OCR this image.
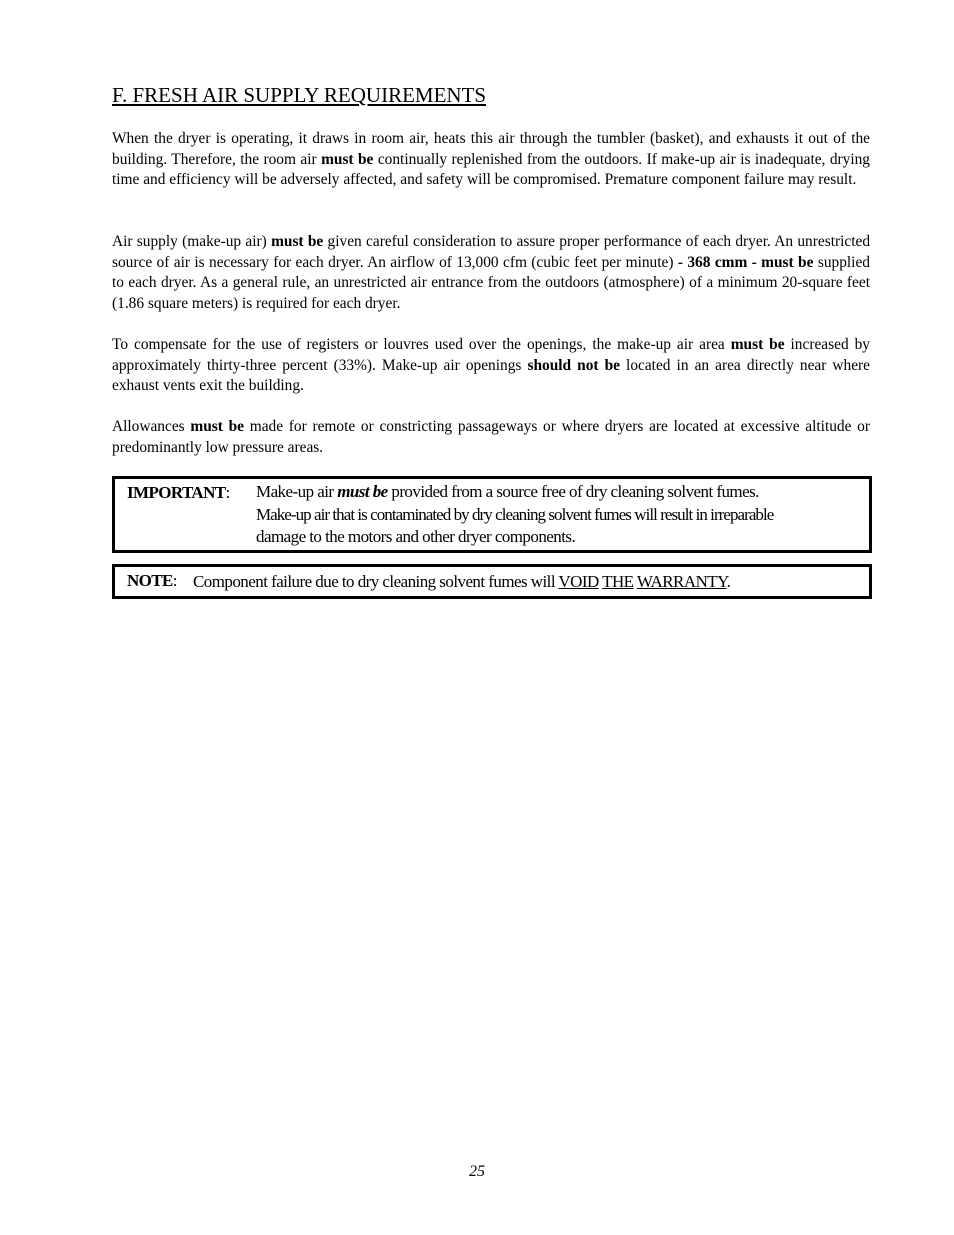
F. FRESH AIR SUPPLY REQUIREMENTS

When the dryer is operating, it draws in room air, heats this air through the tumbler (basket), and exhausts it out of the building. Therefore, the room air must be continually replenished from the outdoors. If make-up air is inadequate, drying time and efficiency will be adversely affected, and safety will be compromised. Premature component failure may result.

Air supply (make-up air) must be given careful consideration to assure proper performance of each dryer. An unrestricted source of air is necessary for each dryer. An airflow of 13,000 cfm (cubic feet per minute) - 368 cmm - must be supplied to each dryer. As a general rule, an unrestricted air entrance from the outdoors (atmosphere) of a minimum 20-square feet (1.86 square meters) is required for each dryer.

To compensate for the use of registers or louvres used over the openings, the make-up air area must be increased by approximately thirty-three percent (33%). Make-up air openings should not be located in an area directly near where exhaust vents exit the building.

Allowances must be made for remote or constricting passageways or where dryers are located at excessive altitude or predominantly low pressure areas.

IMPORTANT: Make-up air must be provided from a source free of dry cleaning solvent fumes.
Make-up air that is contaminated by dry cleaning solvent fumes will result in irreparable
damage to the motors and other dryer components.
NOTE: Component failure due to dry cleaning solvent fumes will VOID THE WARRANTY.
25
